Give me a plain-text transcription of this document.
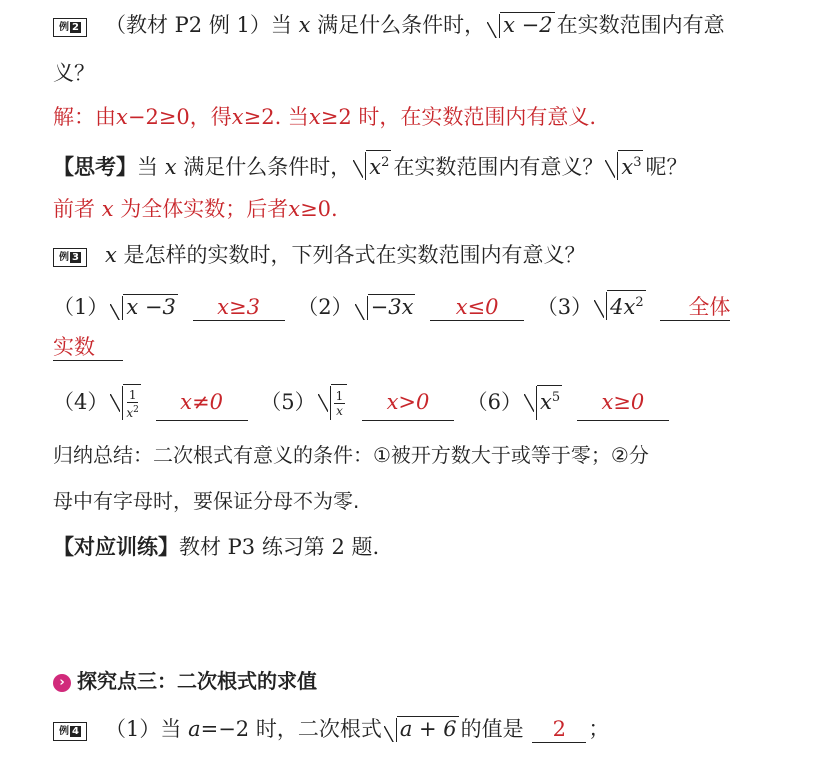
例 2 （教材 P2 例 1）当 x 满足什么条件时， x −2 在实数范围内有意
义？
解：由x−2≥0，得x≥2. 当x≥2 时，在实数范围内有意义.
【思考】当 x 满足什么条件时， $x^2$ 在实数范围内有意义？ $x^3$ 呢？
前者 x 为全体实数；后者x≥0.
例 3 x 是怎样的实数时，下列各式在实数范围内有意义？
（1） x −3 x≥3 （2） −3x x≤0 （3） $4x^2$ 全体
实数
$(4) \frac{1}{x^2} x\ne 0$ $(5) \frac{1}{x} x>0$ （6） $x^5$ x≥0
归纳总结：二次根式有意义的条件：①被开方数大于或等于零；②分
母中有字母时，要保证分母不为零.
【对应训练】教材 P3 练习第 2 题.
› 探究点三：二次根式的求值
例 4 （1）当 a=−2 时，二次根式 a + 6 的值是 2 ；
